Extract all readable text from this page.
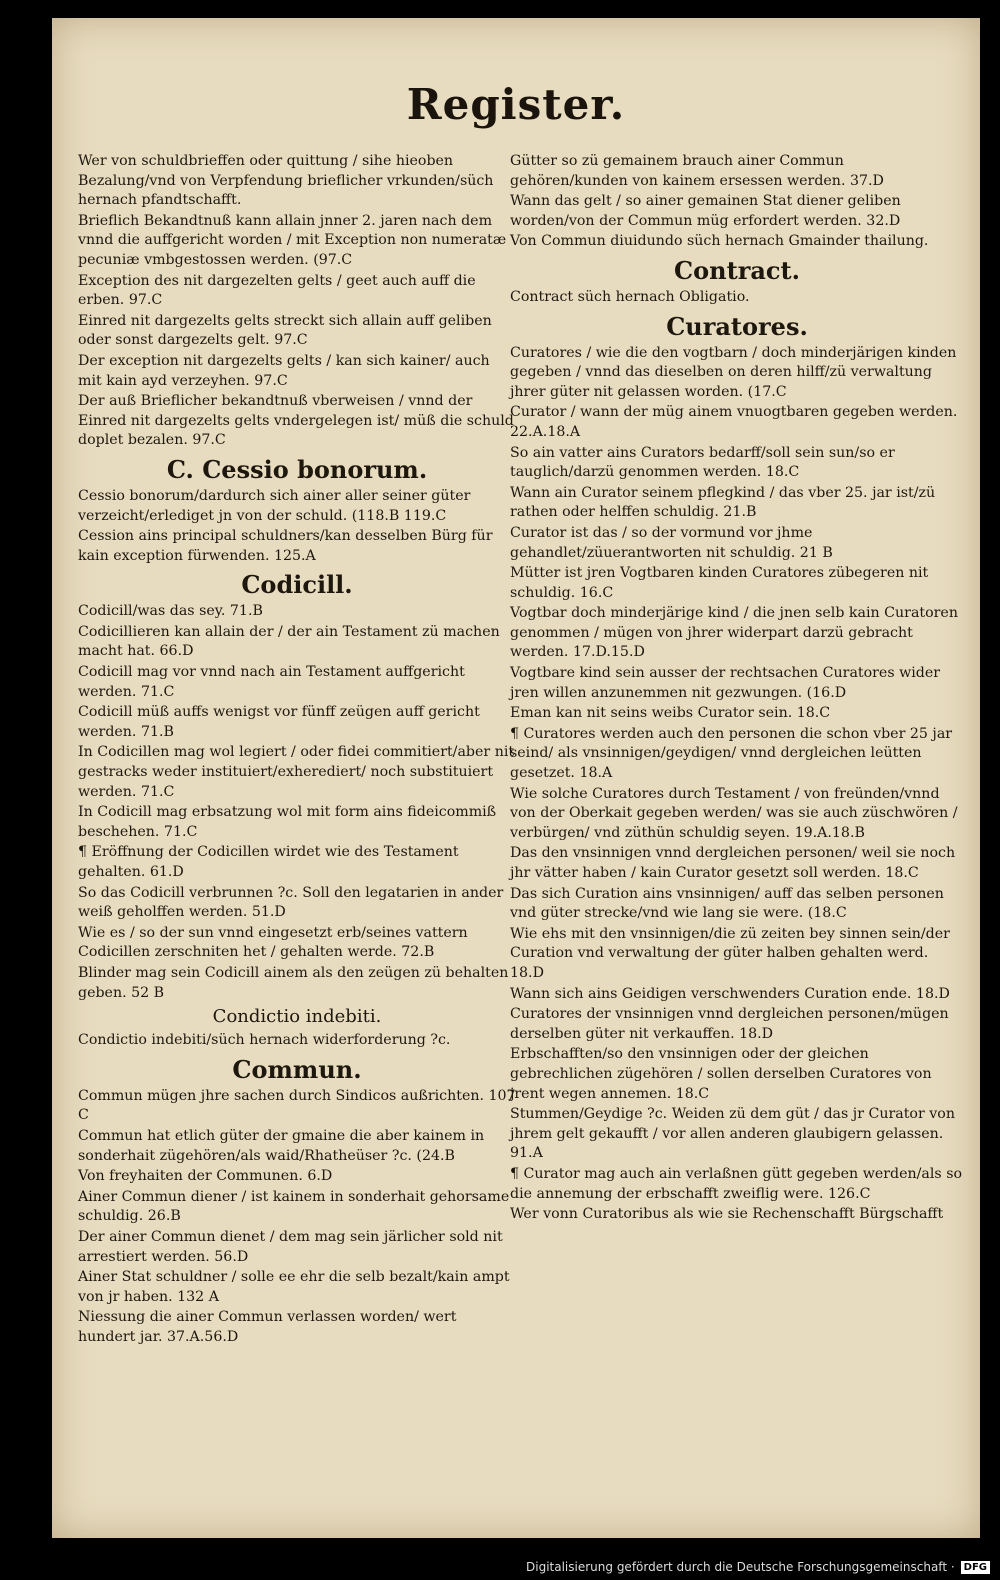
Register.
Wer von schuldbrieffen oder quittung / sihe hieoben Bezalung/vnd von Verpfendung brieflicher vrkunden/süch hernach pfandtschafft.
Brieflich Bekandtnuß kann allain jnner 2. jaren nach dem vnnd die auffgericht worden / mit Exception non numeratæ pecuniæ vmbgestossen werden. (97.C
Exception des nit dargezelten gelts / geet auch auff die erben. 97.C
Einred nit dargezelts gelts streckt sich allain auff geliben oder sonst dargezelts gelt. 97.C
Der exception nit dargezelts gelts / kan sich kainer/ auch mit kain ayd verzeyhen. 97.C
Der auß Brieflicher bekandtnuß vberweisen / vnnd der Einred nit dargezelts gelts vndergelegen ist/ müß die schuld doplet bezalen. 97.C
C. Cessio bonorum.
Cessio bonorum/dardurch sich ainer aller seiner güter verzeicht/erlediget jn von der schuld. (118.B 119.C
Cession ains principal schuldners/kan desselben Bürg für kain exception fürwenden. 125.A
Codicill.
Codicill/was das sey. 71.B
Codicillieren kan allain der / der ain Testament zü machen macht hat. 66.D
Codicill mag vor vnnd nach ain Testament auffgericht werden. 71.C
Codicill müß auffs wenigst vor fünff zeügen auff gericht werden. 71.B
In Codicillen mag wol legiert / oder fidei commitiert/aber nit gestracks weder instituiert/exherediert/ noch substituiert werden. 71.C
In Codicill mag erbsatzung wol mit form ains fideicommiß beschehen. 71.C
¶ Eröffnung der Codicillen wirdet wie des Testament gehalten. 61.D
So das Codicill verbrunnen ?c. Soll den legatarien in ander weiß geholffen werden. 51.D
Wie es / so der sun vnnd eingesetzt erb/seines vattern Codicillen zerschniten het / gehalten werde. 72.B
Blinder mag sein Codicill ainem als den zeügen zü behalten geben. 52 B
Condictio indebiti.
Condictio indebiti/süch hernach widerforderung ?c.
Commun.
Commun mügen jhre sachen durch Sindicos außrichten. 107 C
Commun hat etlich güter der gmaine die aber kainem in sonderhait zügehören/als waid/Rhatheüser ?c. (24.B
Von freyhaiten der Communen. 6.D
Ainer Commun diener / ist kainem in sonderhait gehorsame schuldig. 26.B
Der ainer Commun dienet / dem mag sein järlicher sold nit arrestiert werden. 56.D
Ainer Stat schuldner / solle ee ehr die selb bezalt/kain ampt von jr haben. 132 A
Niessung die ainer Commun verlassen worden/ wert hundert jar. 37.A.56.D
Gütter so zü gemainem brauch ainer Commun gehören/kunden von kainem ersessen werden. 37.D
Wann das gelt / so ainer gemainen Stat diener geliben worden/von der Commun müg erfordert werden. 32.D
Von Commun diuidundo süch hernach Gmainder thailung.
Contract.
Contract süch hernach Obligatio.
Curatores.
Curatores / wie die den vogtbarn / doch minderjärigen kinden gegeben / vnnd das dieselben on deren hilff/zü verwaltung jhrer güter nit gelassen worden. (17.C
Curator / wann der müg ainem vnuogtbaren gegeben werden. 22.A.18.A
So ain vatter ains Curators bedarff/soll sein sun/so er tauglich/darzü genommen werden. 18.C
Wann ain Curator seinem pflegkind / das vber 25. jar ist/zü rathen oder helffen schuldig. 21.B
Curator ist das / so der vormund vor jhme gehandlet/züuerantworten nit schuldig. 21 B
Mütter ist jren Vogtbaren kinden Curatores zübegeren nit schuldig. 16.C
Vogtbar doch minderjärige kind / die jnen selb kain Curatoren genommen / mügen von jhrer widerpart darzü gebracht werden. 17.D.15.D
Vogtbare kind sein ausser der rechtsachen Curatores wider jren willen anzunemmen nit gezwungen. (16.D
Eman kan nit seins weibs Curator sein. 18.C
¶ Curatores werden auch den personen die schon vber 25 jar seind/ als vnsinnigen/geydigen/ vnnd dergleichen leütten gesetzet. 18.A
Wie solche Curatores durch Testament / von freünden/vnnd von der Oberkait gegeben werden/ was sie auch züschwören / verbürgen/ vnd züthün schuldig seyen. 19.A.18.B
Das den vnsinnigen vnnd dergleichen personen/ weil sie noch jhr vätter haben / kain Curator gesetzt soll werden. 18.C
Das sich Curation ains vnsinnigen/ auff das selben personen vnd güter strecke/vnd wie lang sie were. (18.C
Wie ehs mit den vnsinnigen/die zü zeiten bey sinnen sein/der Curation vnd verwaltung der güter halben gehalten werd. 18.D
Wann sich ains Geidigen verschwenders Curation ende. 18.D
Curatores der vnsinnigen vnnd dergleichen personen/mügen derselben güter nit verkauffen. 18.D
Erbschafften/so den vnsinnigen oder der gleichen gebrechlichen zügehören / sollen derselben Curatores von jrent wegen annemen. 18.C
Stummen/Geydige ?c. Weiden zü dem güt / das jr Curator von jhrem gelt gekaufft / vor allen anderen glaubigern gelassen. 91.A
¶ Curator mag auch ain verlaßnen gütt gegeben werden/als so die annemung der erbschafft zweiflig were. 126.C
Wer vonn Curatoribus als wie sie Rechenschafft Bürgschafft
Digitalisierung gefördert durch die Deutsche Forschungsgemeinschaft · DFG
